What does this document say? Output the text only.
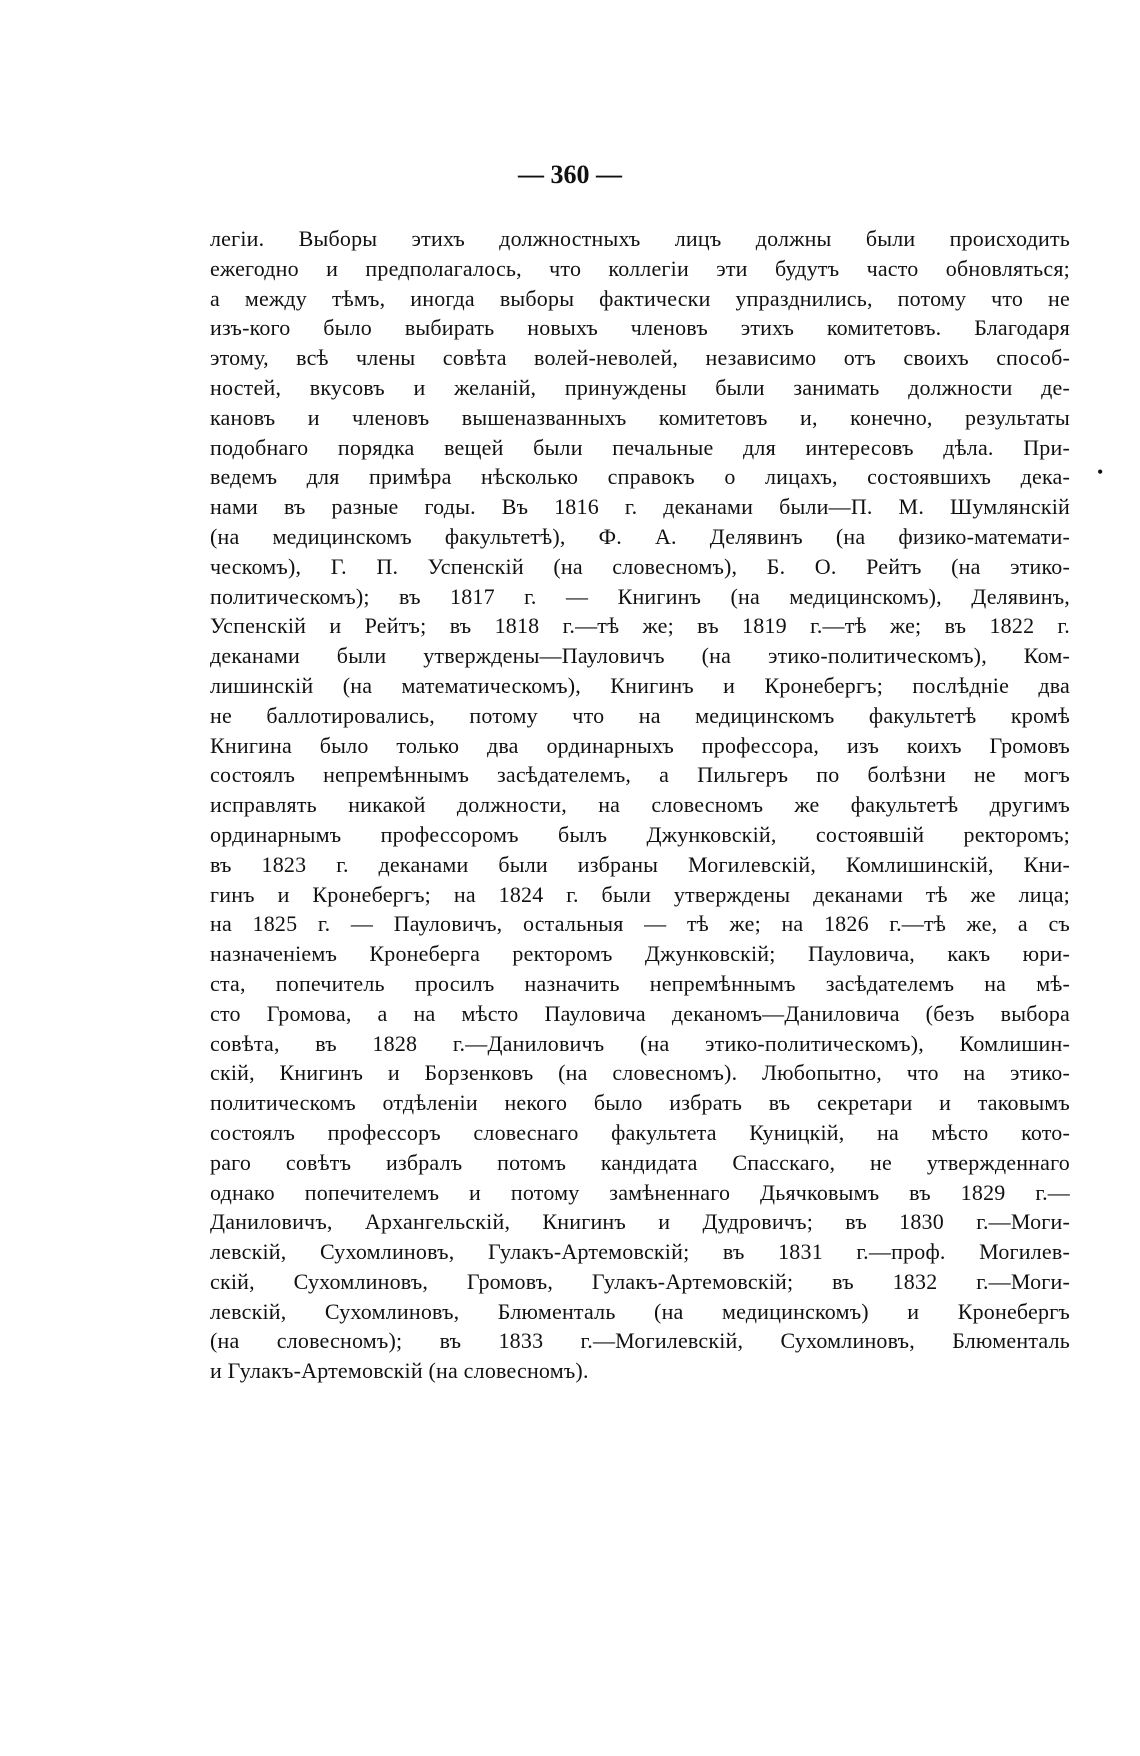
— 360 —
•
легіи. Выборы этихъ должностныхъ лицъ должны были происходить
ежегодно и предполагалось, что коллегіи эти будутъ часто обновляться;
а между тѣмъ, иногда выборы фактически упразднились, потому что не
изъ-кого было выбирать новыхъ членовъ этихъ комитетовъ. Благодаря
этому, всѣ члены совѣта волей-неволей, независимо отъ своихъ способ-
ностей, вкусовъ и желаній, принуждены были занимать должности де-
кановъ и членовъ вышеназванныхъ комитетовъ и, конечно, результаты
подобнаго порядка вещей были печальные для интересовъ дѣла. При-
ведемъ для примѣра нѣсколько справокъ о лицахъ, состоявшихъ дека-
нами въ разные годы. Въ 1816 г. деканами были—П. М. Шумлянскій
(на медицинскомъ факультетѣ), Ф. А. Делявинъ (на физико-математи-
ческомъ), Г. П. Успенскій (на словесномъ), Б. О. Рейтъ (на этико-
политическомъ); въ 1817 г. — Книгинъ (на медицинскомъ), Делявинъ,
Успенскій и Рейтъ; въ 1818 г.—тѣ же; въ 1819 г.—тѣ же; въ 1822 г.
деканами были утверждены—Пауловичъ (на этико-политическомъ), Ком-
лишинскій (на математическомъ), Книгинъ и Кронебергъ; послѣдніе два
не баллотировались, потому что на медицинскомъ факультетѣ кромѣ
Книгина было только два ординарныхъ профессора, изъ коихъ Громовъ
состоялъ непремѣннымъ засѣдателемъ, а Пильгеръ по болѣзни не могъ
исправлять никакой должности, на словесномъ же факультетѣ другимъ
ординарнымъ профессоромъ былъ Джунковскій, состоявшій ректоромъ;
въ 1823 г. деканами были избраны Могилевскій, Комлишинскій, Кни-
гинъ и Кронебергъ; на 1824 г. были утверждены деканами тѣ же лица;
на 1825 г. — Пауловичъ, остальныя — тѣ же; на 1826 г.—тѣ же, а съ
назначеніемъ Кронеберга ректоромъ Джунковскій; Пауловича, какъ юри-
ста, попечитель просилъ назначить непремѣннымъ засѣдателемъ на мѣ-
сто Громова, а на мѣсто Пауловича деканомъ—Даниловича (безъ выбора
совѣта, въ 1828 г.—Даниловичъ (на этико-политическомъ), Комлишин-
скій, Книгинъ и Борзенковъ (на словесномъ). Любопытно, что на этико-
политическомъ отдѣленіи некого было избрать въ секретари и таковымъ
состоялъ профессоръ словеснаго факультета Куницкій, на мѣсто кото-
раго совѣтъ избралъ потомъ кандидата Спасскаго, не утвержденнаго
однако попечителемъ и потому замѣненнаго Дьячковымъ въ 1829 г.—
Даниловичъ, Архангельскій, Книгинъ и Дудровичъ; въ 1830 г.—Моги-
левскій, Сухомлиновъ, Гулакъ-Артемовскій; въ 1831 г.—проф. Могилев-
скій, Сухомлиновъ, Громовъ, Гулакъ-Артемовскій; въ 1832 г.—Моги-
левскій, Сухомлиновъ, Блюменталь (на медицинскомъ) и Кронебергъ
(на словесномъ); въ 1833 г.—Могилевскій, Сухомлиновъ, Блюменталь
и Гулакъ-Артемовскій (на словесномъ).
